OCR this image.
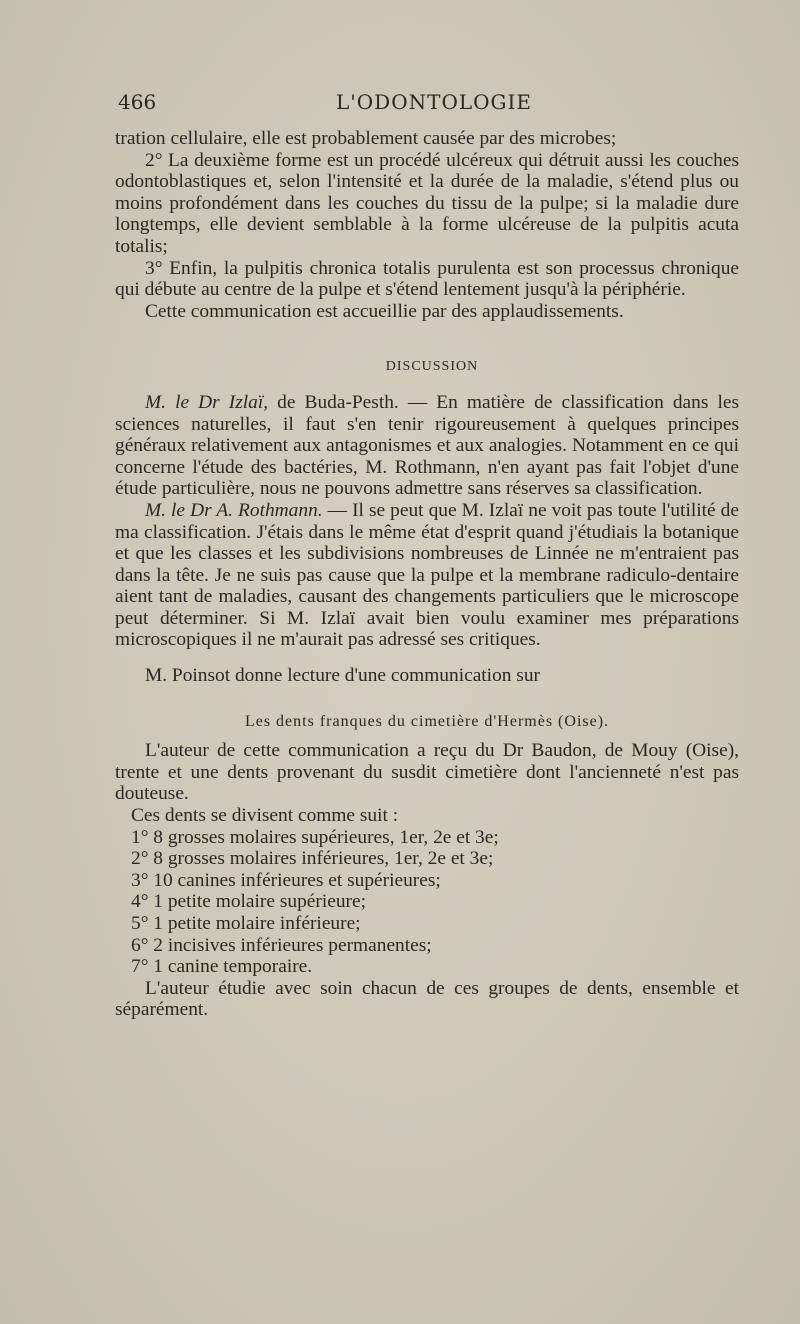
466	L'ODONTOLOGIE

tration cellulaire, elle est probablement causée par des microbes;

2° La deuxième forme est un procédé ulcéreux qui détruit aussi les couches odontoblastiques et, selon l'intensité et la durée de la maladie, s'étend plus ou moins profondément dans les couches du tissu de la pulpe; si la maladie dure longtemps, elle devient semblable à la forme ulcéreuse de la pulpitis acuta totalis;

3° Enfin, la pulpitis chronica totalis purulenta est son processus chronique qui débute au centre de la pulpe et s'étend lentement jusqu'à la périphérie.

Cette communication est accueillie par des applaudissements.

DISCUSSION

M. le Dr Izlaï, de Buda-Pesth. — En matière de classification dans les sciences naturelles, il faut s'en tenir rigoureusement à quelques principes généraux relativement aux antagonismes et aux analogies. Notamment en ce qui concerne l'étude des bactéries, M. Rothmann, n'en ayant pas fait l'objet d'une étude particulière, nous ne pouvons admettre sans réserves sa classification.

M. le Dr A. Rothmann. — Il se peut que M. Izlaï ne voit pas toute l'utilité de ma classification. J'étais dans le même état d'esprit quand j'étudiais la botanique et que les classes et les subdivisions nombreuses de Linnée ne m'entraient pas dans la tête. Je ne suis pas cause que la pulpe et la membrane radiculo-dentaire aient tant de maladies, causant des changements particuliers que le microscope peut déterminer. Si M. Izlaï avait bien voulu examiner mes préparations microscopiques il ne m'aurait pas adressé ses critiques.

M. Poinsot donne lecture d'une communication sur

Les dents franques du cimetière d'Hermès (Oise).

L'auteur de cette communication a reçu du Dr Baudon, de Mouy (Oise), trente et une dents provenant du susdit cimetière dont l'ancienneté n'est pas douteuse.

Ces dents se divisent comme suit :

1° 8 grosses molaires supérieures, 1er, 2e et 3e;

2° 8 grosses molaires inférieures, 1er, 2e et 3e;

3° 10 canines inférieures et supérieures;

4° 1 petite molaire supérieure;

5° 1 petite molaire inférieure;

6° 2 incisives inférieures permanentes;

7° 1 canine temporaire.

L'auteur étudie avec soin chacun de ces groupes de dents, ensemble et séparément.
